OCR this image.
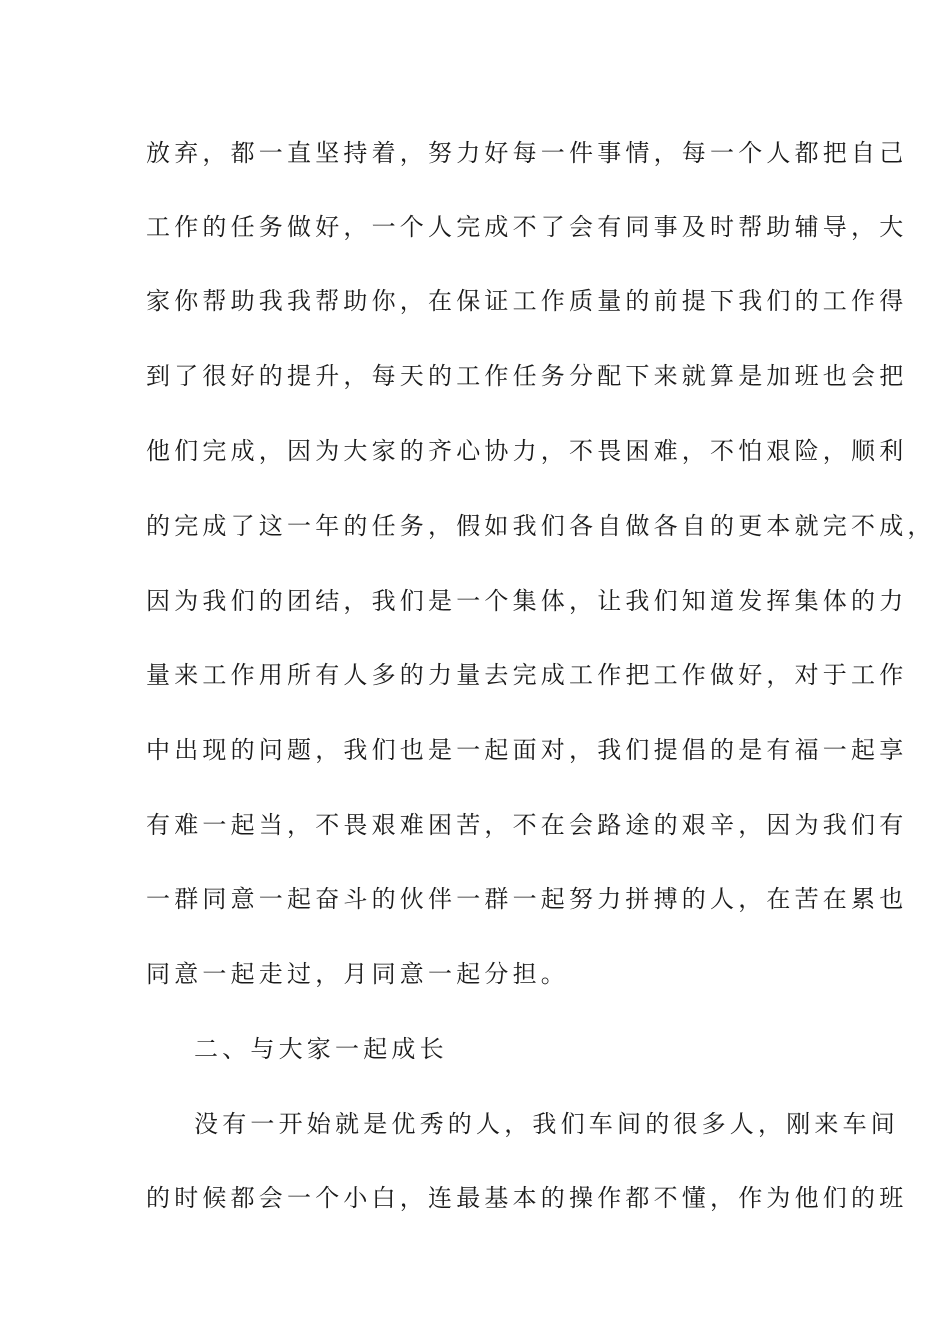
放弃，都一直坚持着，努力好每一件事情，每一个人都把自己
工作的任务做好，一个人完成不了会有同事及时帮助辅导，大
家你帮助我我帮助你，在保证工作质量的前提下我们的工作得
到了很好的提升，每天的工作任务分配下来就算是加班也会把
他们完成，因为大家的齐心协力，不畏困难，不怕艰险，顺利
的完成了这一年的任务，假如我们各自做各自的更本就完不成，
因为我们的团结，我们是一个集体，让我们知道发挥集体的力
量来工作用所有人多的力量去完成工作把工作做好，对于工作
中出现的问题，我们也是一起面对，我们提倡的是有福一起享
有难一起当，不畏艰难困苦，不在会路途的艰辛，因为我们有
一群同意一起奋斗的伙伴一群一起努力拼搏的人，在苦在累也
同意一起走过，月同意一起分担。
二、与大家一起成长
没有一开始就是优秀的人，我们车间的很多人，刚来车间
的时候都会一个小白，连最基本的操作都不懂，作为他们的班
